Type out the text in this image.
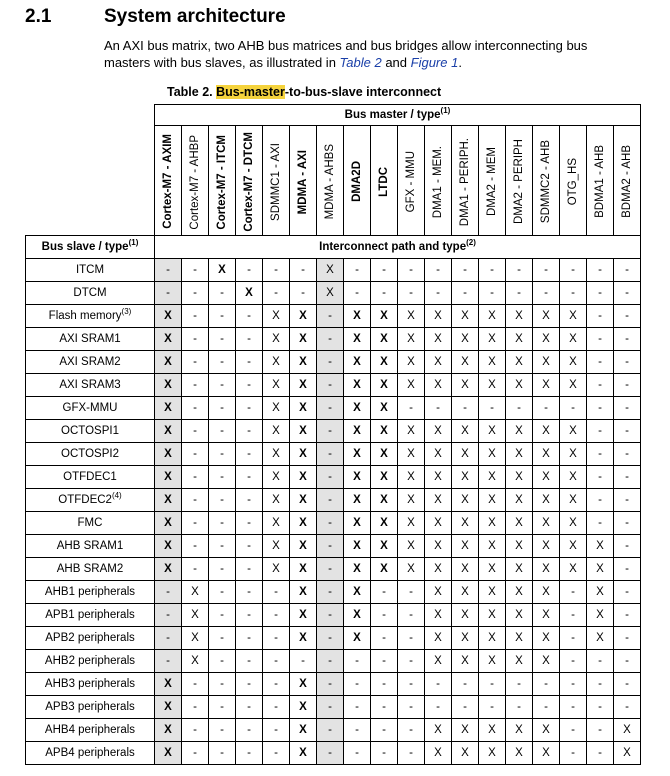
2.1	System architecture
An AXI bus matrix, two AHB bus matrices and bus bridges allow interconnecting bus masters with bus slaves, as illustrated in Table 2 and Figure 1.
Table 2. Bus-master-to-bus-slave interconnect
	Bus master / type$^{(1)}$
	Cortex-M7 - AXIM	Cortex-M7 - AHBP	Cortex-M7 - ITCM	Cortex-M7 - DTCM	SDMMC1 - AXI	MDMA - AXI	MDMA - AHBS	DMA2D	LTDC	GFX - MMU	DMA1 - MEM.	DMA1 - PERIPH.	DMA2 - MEM	DMA2 - PERIPH	SDMMC2 - AHB	OTG_HS	BDMA1 - AHB	BDMA2 - AHB
Bus slave / type$^{(1)}$	Interconnect path and type$^{(2)}$
ITCM	-	-	X	-	-	-	X	-	-	-	-	-	-	-	-	-	-	-
DTCM	-	-	-	X	-	-	X	-	-	-	-	-	-	-	-	-	-	-
Flash memory$^{(3)}$	X	-	-	-	X	X	-	X	X	X	X	X	X	X	X	X	-	-
AXI SRAM1	X	-	-	-	X	X	-	X	X	X	X	X	X	X	X	X	-	-
AXI SRAM2	X	-	-	-	X	X	-	X	X	X	X	X	X	X	X	X	-	-
AXI SRAM3	X	-	-	-	X	X	-	X	X	X	X	X	X	X	X	X	-	-
GFX-MMU	X	-	-	-	X	X	-	X	X	-	-	-	-	-	-	-	-	-
OCTOSPI1	X	-	-	-	X	X	-	X	X	X	X	X	X	X	X	X	-	-
OCTOSPI2	X	-	-	-	X	X	-	X	X	X	X	X	X	X	X	X	-	-
OTFDEC1	X	-	-	-	X	X	-	X	X	X	X	X	X	X	X	X	-	-
OTFDEC2$^{(4)}$	X	-	-	-	X	X	-	X	X	X	X	X	X	X	X	X	-	-
FMC	X	-	-	-	X	X	-	X	X	X	X	X	X	X	X	X	-	-
AHB SRAM1	X	-	-	-	X	X	-	X	X	X	X	X	X	X	X	X	X	-
AHB SRAM2	X	-	-	-	X	X	-	X	X	X	X	X	X	X	X	X	X	-
AHB1 peripherals	-	X	-	-	-	X	-	X	-	-	X	X	X	X	X	-	X	-
APB1 peripherals	-	X	-	-	-	X	-	X	-	-	X	X	X	X	X	-	X	-
APB2 peripherals	-	X	-	-	-	X	-	X	-	-	X	X	X	X	X	-	X	-
AHB2 peripherals	-	X	-	-	-	-	-	-	-	-	X	X	X	X	X	-	-	-
AHB3 peripherals	X	-	-	-	-	X	-	-	-	-	-	-	-	-	-	-	-	-
APB3 peripherals	X	-	-	-	-	X	-	-	-	-	-	-	-	-	-	-	-	-
AHB4 peripherals	X	-	-	-	-	X	-	-	-	-	X	X	X	X	X	-	-	X
APB4 peripherals	X	-	-	-	-	X	-	-	-	-	X	X	X	X	X	-	-	X
